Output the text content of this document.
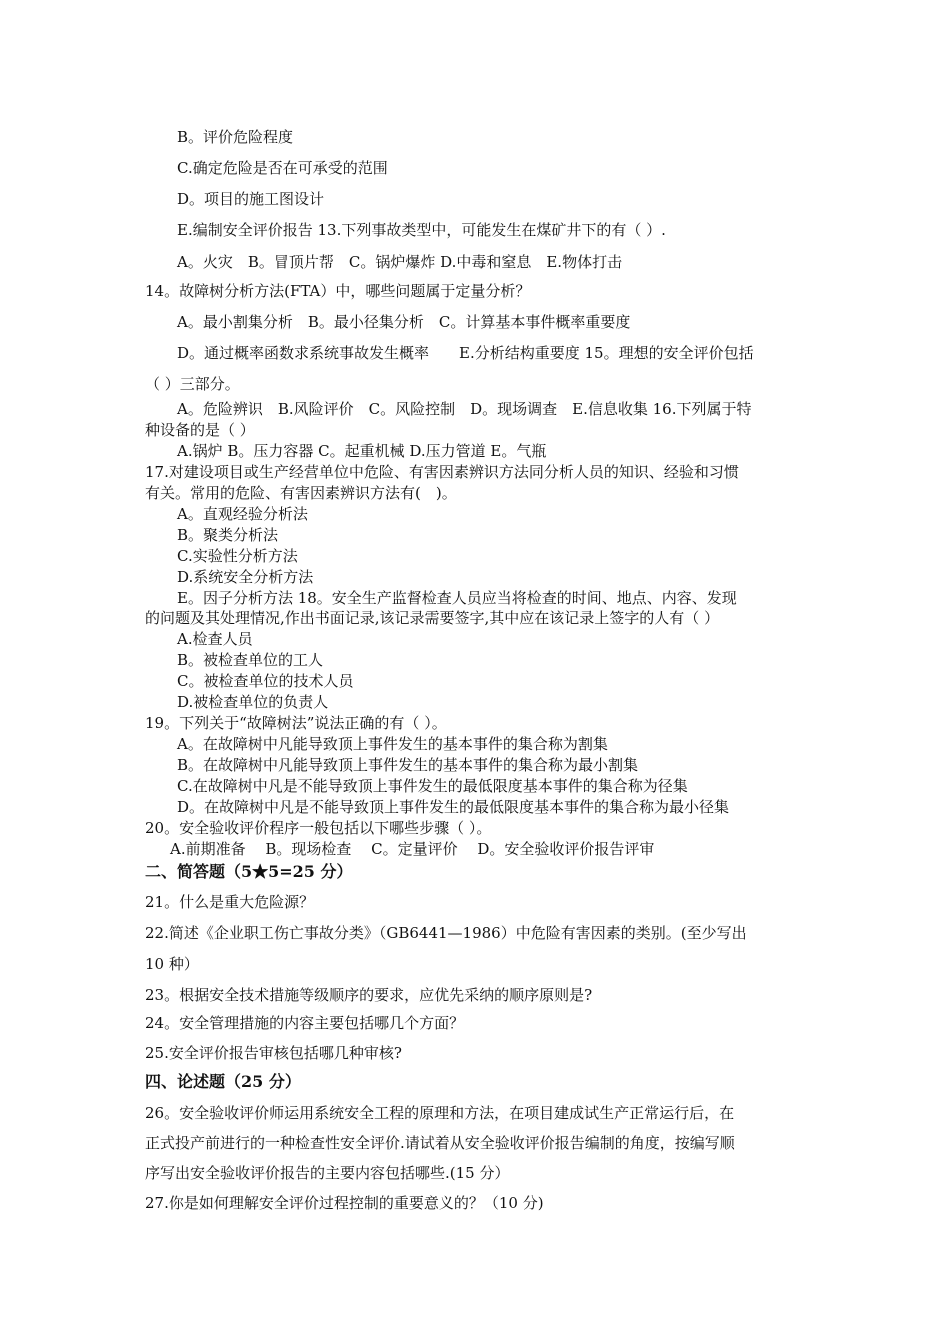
B。评价危险程度
C.确定危险是否在可承受的范围
D。项目的施工图设计
E.编制安全评价报告 13.下列事故类型中，可能发生在煤矿井下的有（ ）.
A。火灾　B。冒顶片帮　C。锅炉爆炸 D.中毒和窒息　E.物体打击
14。故障树分析方法(FTA）中，哪些问题属于定量分析？
A。最小割集分析　B。最小径集分析　C。计算基本事件概率重要度
D。通过概率函数求系统事故发生概率　　E.分析结构重要度 15。理想的安全评价包括
（ ）三部分。
A。危险辨识　B.风险评价　C。风险控制　D。现场调查　E.信息收集 16.下列属于特
种设备的是（ ）
A.锅炉 B。压力容器 C。起重机械 D.压力管道 E。气瓶
17.对建设项目或生产经营单位中危险、有害因素辨识方法同分析人员的知识、经验和习惯
有关。常用的危险、有害因素辨识方法有(　)。
A。直观经验分析法
B。聚类分析法
C.实验性分析方法
D.系统安全分析方法
E。因子分析方法 18。安全生产监督检查人员应当将检查的时间、地点、内容、发现
的问题及其处理情况,作出书面记录,该记录需要签字,其中应在该记录上签字的人有（ ）
A.检查人员
B。被检查单位的工人
C。被检查单位的技术人员
D.被检查单位的负责人
19。下列关于“故障树法”说法正确的有（ ）。
A。在故障树中凡能导致顶上事件发生的基本事件的集合称为割集
B。在故障树中凡能导致顶上事件发生的基本事件的集合称为最小割集
C.在故障树中凡是不能导致顶上事件发生的最低限度基本事件的集合称为径集
D。在故障树中凡是不能导致顶上事件发生的最低限度基本事件的集合称为最小径集
20。安全验收评价程序一般包括以下哪些步骤（ ）。
A.前期准备　 B。现场检查　 C。定量评价　 D。安全验收评价报告评审
二、简答题（5★5=25 分）
21。什么是重大危险源？
22.简述《企业职工伤亡事故分类》（GB6441—1986）中危险有害因素的类别。(至少写出
10 种）
23。根据安全技术措施等级顺序的要求，应优先采纳的顺序原则是?
24。安全管理措施的内容主要包括哪几个方面？
25.安全评价报告审核包括哪几种审核?
四、论述题（25 分）
26。安全验收评价师运用系统安全工程的原理和方法，在项目建成试生产正常运行后，在
正式投产前进行的一种检查性安全评价.请试着从安全验收评价报告编制的角度，按编写顺
序写出安全验收评价报告的主要内容包括哪些.(15 分）
27.你是如何理解安全评价过程控制的重要意义的？（10 分)
